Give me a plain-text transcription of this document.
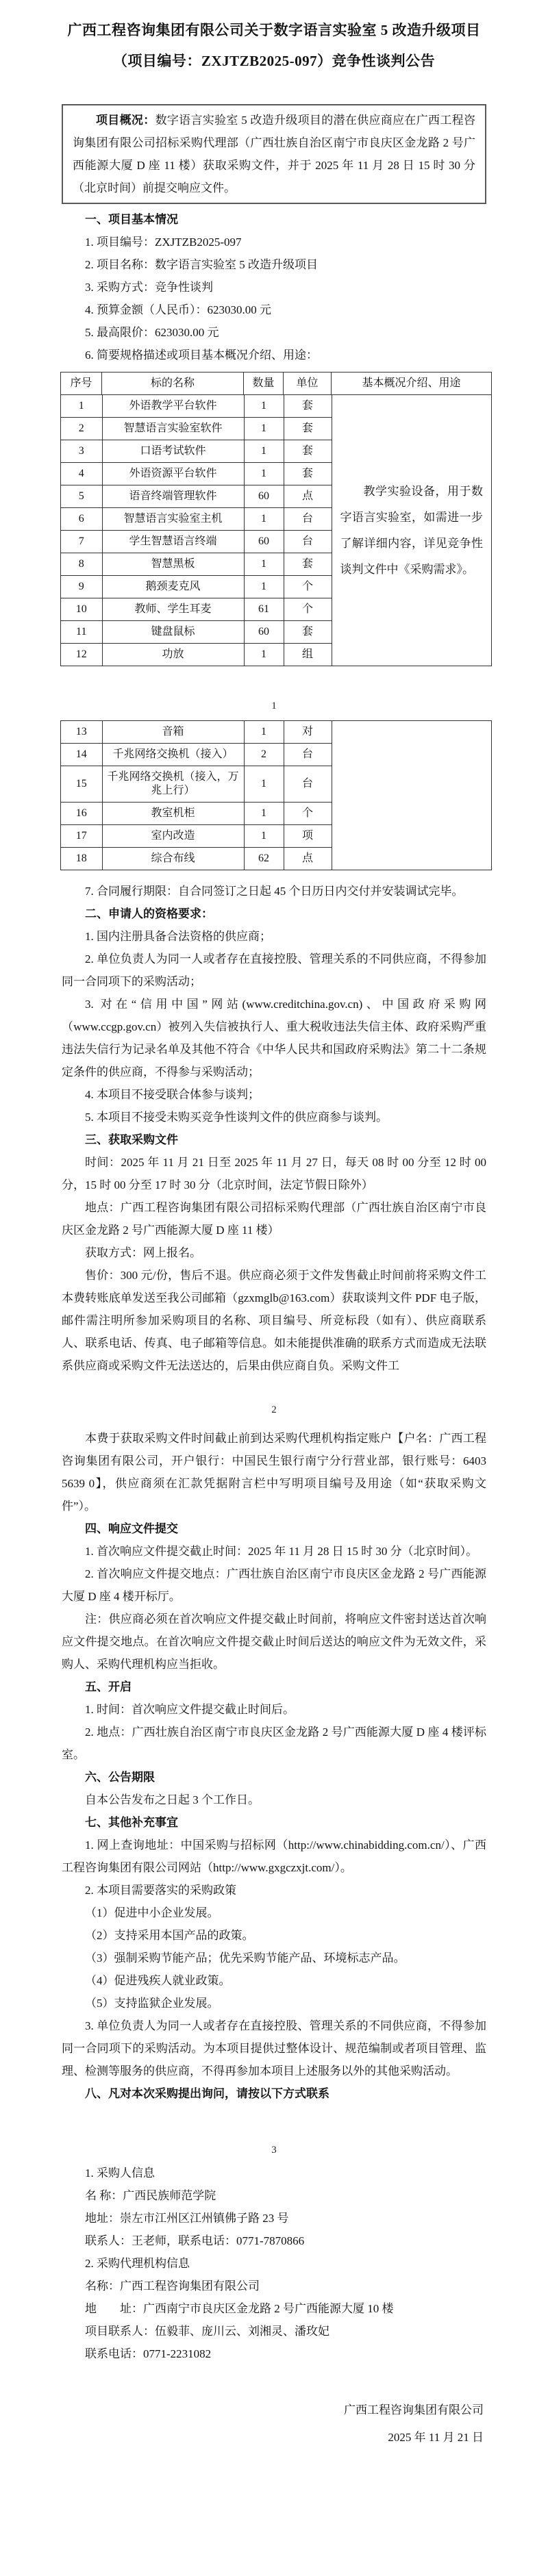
广西工程咨询集团有限公司关于数字语言实验室 5 改造升级项目
（项目编号：ZXJTZB2025-097）竞争性谈判公告

项目概况：数字语言实验室 5 改造升级项目的潜在供应商应在广西工程咨询集团有限公司招标采购代理部（广西壮族自治区南宁市良庆区金龙路 2 号广西能源大厦 D 座 11 楼）获取采购文件，并于 2025 年 11 月 28 日 15 时 30 分（北京时间）前提交响应文件。

一、项目基本情况

1. 项目编号：ZXJTZB2025-097

2. 项目名称：数字语言实验室 5 改造升级项目

3. 采购方式：竞争性谈判

4. 预算金额（人民币）：623030.00 元

5. 最高限价：623030.00 元

6. 简要规格描述或项目基本概况介绍、用途：

序号	标的名称	数量	单位	基本概况介绍、用途
1	外语教学平台软件	1	套
2	智慧语言实验室软件	1	套
3	口语考试软件	1	套
4	外语资源平台软件	1	套
5	语音终端管理软件	60	点
6	智慧语言实验室主机	1	台
7	学生智慧语言终端	60	台
8	智慧黑板	1	套
9	鹅颈麦克风	1	个
10	教师、学生耳麦	61	个
11	键盘鼠标	60	套
12	功放	1	组

教学实验设备，用于数字语言实验室，如需进一步了解详细内容，详见竞争性谈判文件中《采购需求》。

1

13	音箱	1	对
14	千兆网络交换机（接入）	2	台
15	千兆网络交换机（接入，万兆上行）	1	台
16	教室机柜	1	个
17	室内改造	1	项
18	综合布线	62	点

7. 合同履行期限：自合同签订之日起 45 个日历日内交付并安装调试完毕。

二、申请人的资格要求：

1. 国内注册具备合法资格的供应商；

2. 单位负责人为同一人或者存在直接控股、管理关系的不同供应商，不得参加同一合同项下的采购活动；

3. 对在“信用中国”网站(www.creditchina.gov.cn)、中国政府采购网（www.ccgp.gov.cn）被列入失信被执行人、重大税收违法失信主体、政府采购严重违法失信行为记录名单及其他不符合《中华人民共和国政府采购法》第二十二条规定条件的供应商，不得参与采购活动；

4. 本项目不接受联合体参与谈判；

5. 本项目不接受未购买竞争性谈判文件的供应商参与谈判。

三、获取采购文件

时间：2025 年 11 月 21 日至 2025 年 11 月 27 日，每天 08 时 00 分至 12 时 00 分，15 时 00 分至 17 时 30 分（北京时间，法定节假日除外）

地点：广西工程咨询集团有限公司招标采购代理部（广西壮族自治区南宁市良庆区金龙路 2 号广西能源大厦 D 座 11 楼）

获取方式：网上报名。

售价：300 元/份，售后不退。供应商必须于文件发售截止时间前将采购文件工本费转账底单发送至我公司邮箱（gzxmglb@163.com）获取谈判文件 PDF 电子版，邮件需注明所参加采购项目的名称、项目编号、所竞标段（如有）、供应商联系人、联系电话、传真、电子邮箱等信息。如未能提供准确的联系方式而造成无法联系供应商或采购文件无法送达的，后果由供应商自负。采购文件工

2

本费于获取采购文件时间截止前到达采购代理机构指定账户【户名：广西工程咨询集团有限公司，开户银行：中国民生银行南宁分行营业部，银行账号：6403 5639 0】，供应商须在汇款凭据附言栏中写明项目编号及用途（如“获取采购文件”）。

四、响应文件提交

1. 首次响应文件提交截止时间：2025 年 11 月 28 日 15 时 30 分（北京时间）。

2. 首次响应文件提交地点：广西壮族自治区南宁市良庆区金龙路 2 号广西能源大厦 D 座 4 楼开标厅。

注：供应商必须在首次响应文件提交截止时间前，将响应文件密封送达首次响应文件提交地点。在首次响应文件提交截止时间后送达的响应文件为无效文件，采购人、采购代理机构应当拒收。

五、开启

1. 时间：首次响应文件提交截止时间后。

2. 地点：广西壮族自治区南宁市良庆区金龙路 2 号广西能源大厦 D 座 4 楼评标室。

六、公告期限

自本公告发布之日起 3 个工作日。

七、其他补充事宜

1. 网上查询地址：中国采购与招标网（http://www.chinabidding.com.cn/）、广西工程咨询集团有限公司网站（http://www.gxgczxjt.com/）。

2. 本项目需要落实的采购政策

（1）促进中小企业发展。

（2）支持采用本国产品的政策。

（3）强制采购节能产品；优先采购节能产品、环境标志产品。

（4）促进残疾人就业政策。

（5）支持监狱企业发展。

3. 单位负责人为同一人或者存在直接控股、管理关系的不同供应商，不得参加同一合同项下的采购活动。为本项目提供过整体设计、规范编制或者项目管理、监理、检测等服务的供应商，不得再参加本项目上述服务以外的其他采购活动。

八、凡对本次采购提出询问，请按以下方式联系

3

1. 采购人信息

名 称：广西民族师范学院

地址：崇左市江州区江州镇佛子路 23 号

联系人：王老师，联系电话：0771-7870866

2. 采购代理机构信息

名称：广西工程咨询集团有限公司

地　　址：广西南宁市良庆区金龙路 2 号广西能源大厦 10 楼

项目联系人：伍毅菲、庞川云、刘湘灵、潘玫妃

联系电话：0771-2231082

广西工程咨询集团有限公司

2025 年 11 月 21 日
